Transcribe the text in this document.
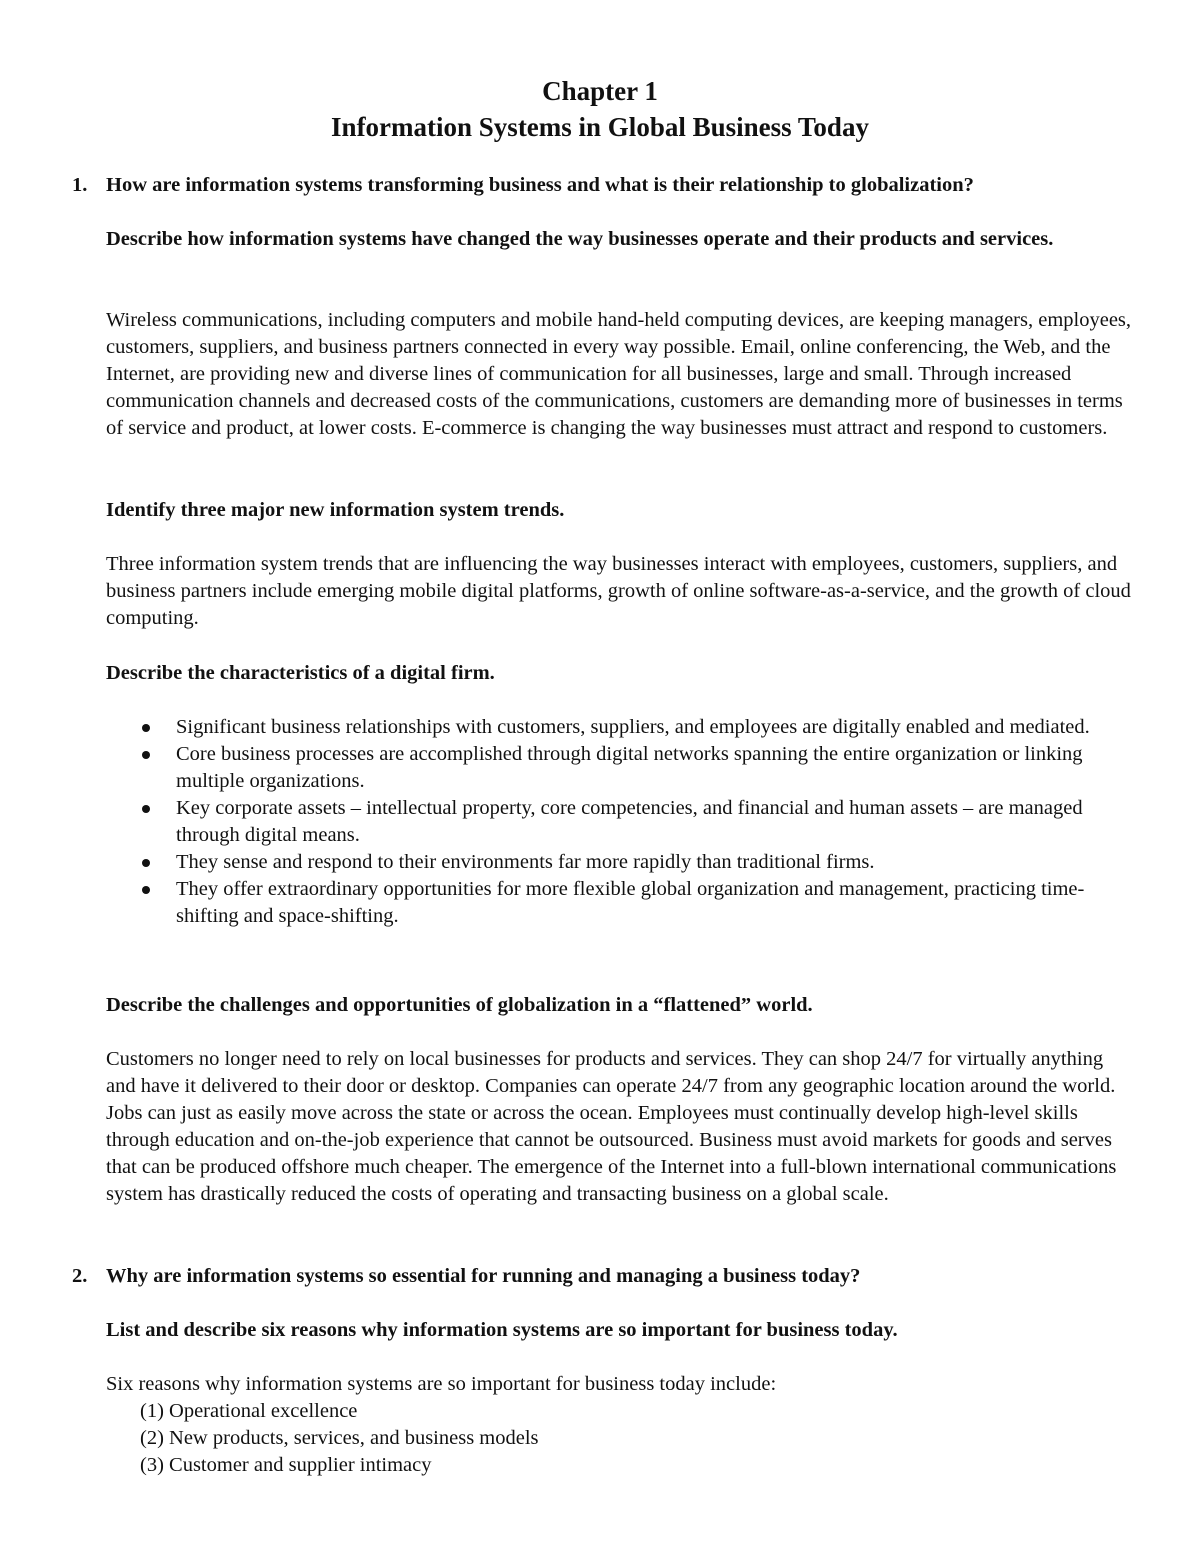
Chapter 1
Information Systems in Global Business Today
1. How are information systems transforming business and what is their relationship to globalization?

Describe how information systems have changed the way businesses operate and their products and services.

Wireless communications, including computers and mobile hand-held computing devices, are keeping managers, employees, customers, suppliers, and business partners connected in every way possible. Email, online conferencing, the Web, and the Internet, are providing new and diverse lines of communication for all businesses, large and small. Through increased communication channels and decreased costs of the communications, customers are demanding more of businesses in terms of service and product, at lower costs. E-commerce is changing the way businesses must attract and respond to customers.

Identify three major new information system trends.

Three information system trends that are influencing the way businesses interact with employees, customers, suppliers, and business partners include emerging mobile digital platforms, growth of online software-as-a-service, and the growth of cloud computing.

Describe the characteristics of a digital firm.

Significant business relationships with customers, suppliers, and employees are digitally enabled and mediated.
Core business processes are accomplished through digital networks spanning the entire organization or linking multiple organizations.
Key corporate assets – intellectual property, core competencies, and financial and human assets – are managed through digital means.
They sense and respond to their environments far more rapidly than traditional firms.
They offer extraordinary opportunities for more flexible global organization and management, practicing time-shifting and space-shifting.

Describe the challenges and opportunities of globalization in a “flattened” world.

Customers no longer need to rely on local businesses for products and services. They can shop 24/7 for virtually anything and have it delivered to their door or desktop. Companies can operate 24/7 from any geographic location around the world. Jobs can just as easily move across the state or across the ocean. Employees must continually develop high-level skills through education and on-the-job experience that cannot be outsourced. Business must avoid markets for goods and serves that can be produced offshore much cheaper. The emergence of the Internet into a full-blown international communications system has drastically reduced the costs of operating and transacting business on a global scale.

2. Why are information systems so essential for running and managing a business today?

List and describe six reasons why information systems are so important for business today.

Six reasons why information systems are so important for business today include:

(1) Operational excellence
(2) New products, services, and business models
(3) Customer and supplier intimacy
